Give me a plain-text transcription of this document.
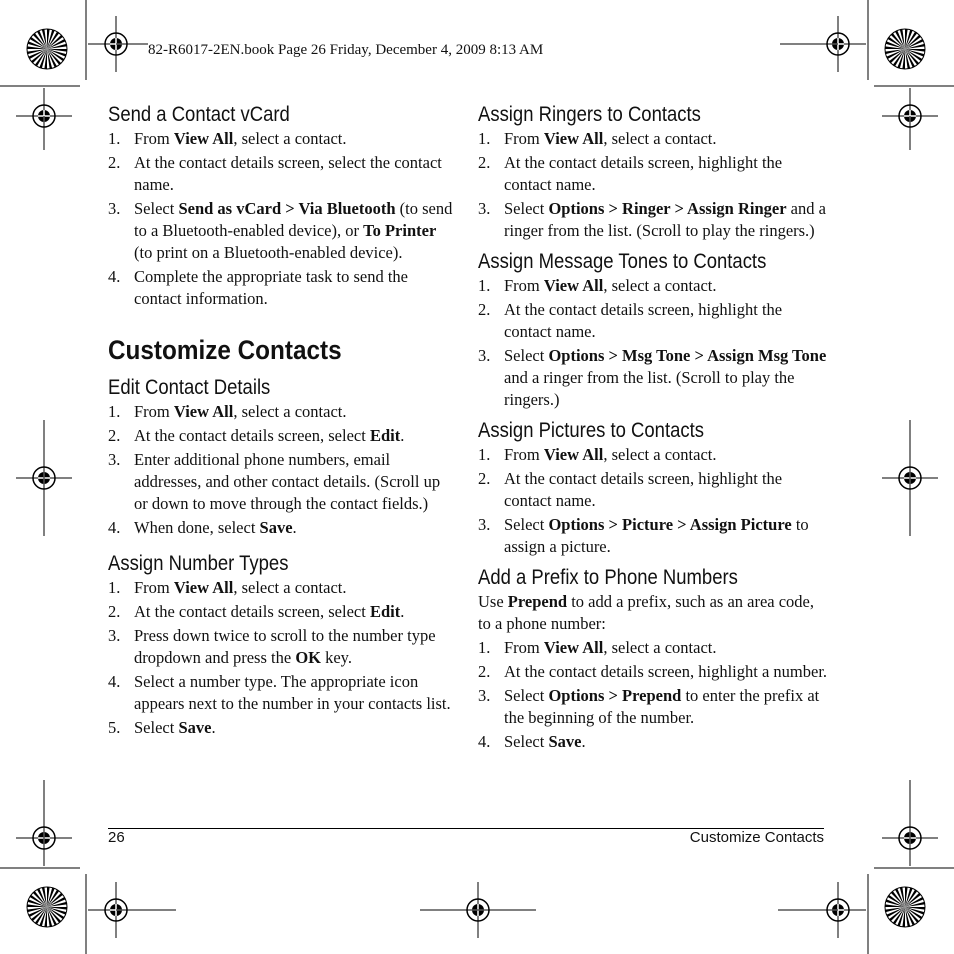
82-R6017-2EN.book Page 26 Friday, December 4, 2009 8:13 AM
Send a Contact vCard
1. From View All, select a contact.
2. At the contact details screen, select the contact name.
3. Select Send as vCard > Via Bluetooth (to send to a Bluetooth-enabled device), or To Printer (to print on a Bluetooth-enabled device).
4. Complete the appropriate task to send the contact information.
Customize Contacts
Edit Contact Details
1. From View All, select a contact.
2. At the contact details screen, select Edit.
3. Enter additional phone numbers, email addresses, and other contact details. (Scroll up or down to move through the contact fields.)
4. When done, select Save.
Assign Number Types
1. From View All, select a contact.
2. At the contact details screen, select Edit.
3. Press down twice to scroll to the number type dropdown and press the OK key.
4. Select a number type. The appropriate icon appears next to the number in your contacts list.
5. Select Save.
Assign Ringers to Contacts
1. From View All, select a contact.
2. At the contact details screen, highlight the contact name.
3. Select Options > Ringer > Assign Ringer and a ringer from the list. (Scroll to play the ringers.)
Assign Message Tones to Contacts
1. From View All, select a contact.
2. At the contact details screen, highlight the contact name.
3. Select Options > Msg Tone > Assign Msg Tone and a ringer from the list. (Scroll to play the ringers.)
Assign Pictures to Contacts
1. From View All, select a contact.
2. At the contact details screen, highlight the contact name.
3. Select Options > Picture > Assign Picture to assign a picture.
Add a Prefix to Phone Numbers

Use Prepend to add a prefix, such as an area code, to a phone number:

1. From View All, select a contact.
2. At the contact details screen, highlight a number.
3. Select Options > Prepend to enter the prefix at the beginning of the number.
4. Select Save.
26	Customize Contacts
